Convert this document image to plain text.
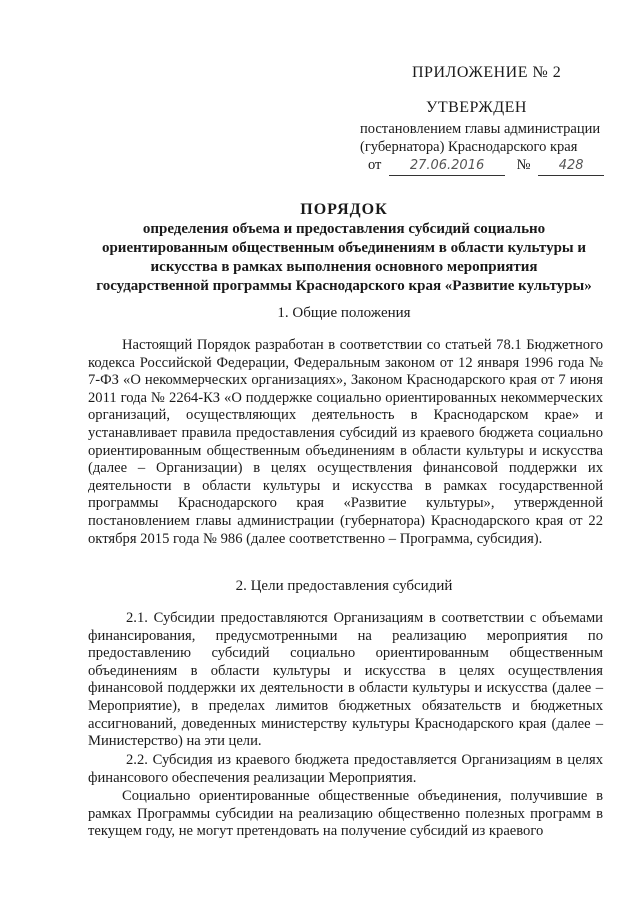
ПРИЛОЖЕНИЕ № 2
УТВЕРЖДЕН
постановлением главы администрации
(губернатора) Краснодарского края
от 27.06.2016 № 428
ПОРЯДОК
определения объема и предоставления субсидий социально ориентированным общественным объединениям в области культуры и искусства в рамках выполнения основного мероприятия государственной программы Краснодарского края «Развитие культуры»
1. Общие положения

Настоящий Порядок разработан в соответствии со статьей 78.1 Бюджетного кодекса Российской Федерации, Федеральным законом от 12 января 1996 года № 7-ФЗ «О некоммерческих организациях», Законом Краснодарского края от 7 июня 2011 года № 2264-КЗ «О поддержке социально ориентированных некоммерческих организаций, осуществляющих деятельность в Краснодарском крае» и устанавливает правила предоставления субсидий из краевого бюджета социально ориентированным общественным объединениям в области культуры и искусства (далее – Организации) в целях осуществления финансовой поддержки их деятельности в области культуры и искусства в рамках государственной программы Краснодарского края «Развитие культуры», утвержденной постановлением главы администрации (губернатора) Краснодарского края от 22 октября 2015 года № 986 (далее соответственно – Программа, субсидия).

2. Цели предоставления субсидий

2.1. Субсидии предоставляются Организациям в соответствии с объемами финансирования, предусмотренными на реализацию мероприятия по предоставлению субсидий социально ориентированным общественным объединениям в области культуры и искусства в целях осуществления финансовой поддержки их деятельности в области культуры и искусства (далее – Мероприятие), в пределах лимитов бюджетных обязательств и бюджетных ассигнований, доведенных министерству культуры Краснодарского края (далее – Министерство) на эти цели.

2.2. Субсидия из краевого бюджета предоставляется Организациям в целях финансового обеспечения реализации Мероприятия.

Социально ориентированные общественные объединения, получившие в рамках Программы субсидии на реализацию общественно полезных программ в текущем году, не могут претендовать на получение субсидий из краевого
